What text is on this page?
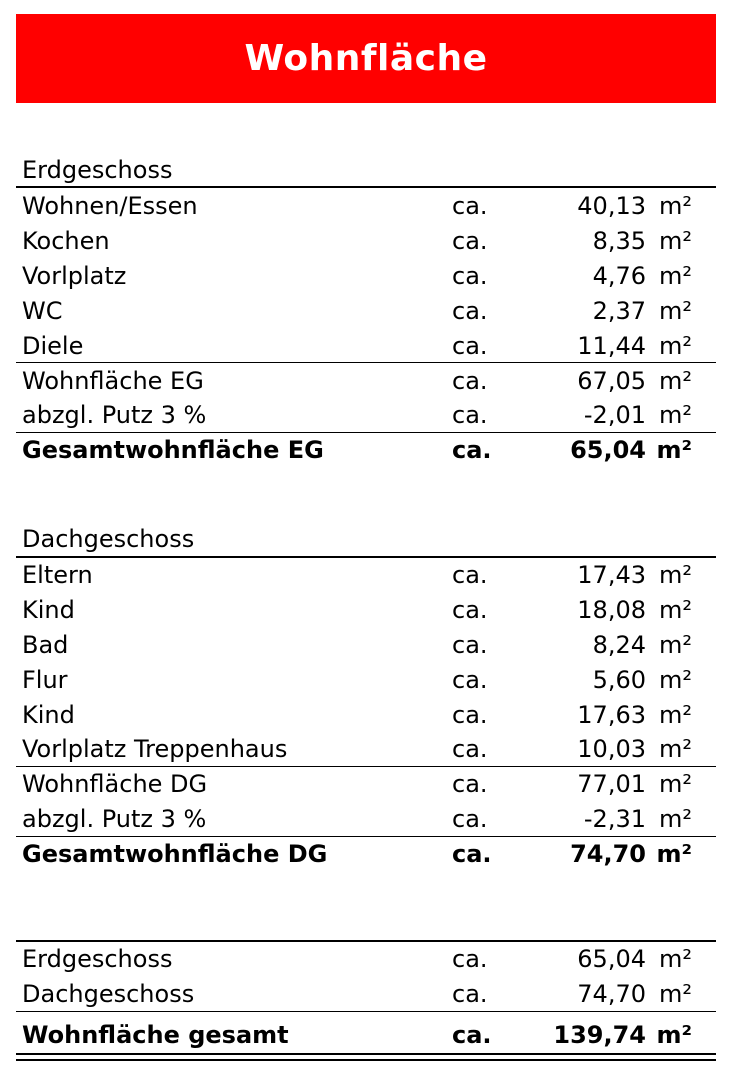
Wohnfläche
Erdgeschoss
Wohnen/Essen	ca.	40,13 m²
Kochen	ca.	8,35 m²
Vorlplatz	ca.	4,76 m²
WC	ca.	2,37 m²
Diele	ca.	11,44 m²
Wohnfläche EG	ca.	67,05 m²
abzgl. Putz 3 %	ca.	-2,01 m²
Gesamtwohnfläche EG	ca.	65,04 m²
Dachgeschoss
Eltern	ca.	17,43 m²
Kind	ca.	18,08 m²
Bad	ca.	8,24 m²
Flur	ca.	5,60 m²
Kind	ca.	17,63 m²
Vorlplatz Treppenhaus	ca.	10,03 m²
Wohnfläche DG	ca.	77,01 m²
abzgl. Putz 3 %	ca.	-2,31 m²
Gesamtwohnfläche DG	ca.	74,70 m²
Erdgeschoss	ca.	65,04 m²
Dachgeschoss	ca.	74,70 m²
Wohnfläche gesamt	ca.	139,74 m²
